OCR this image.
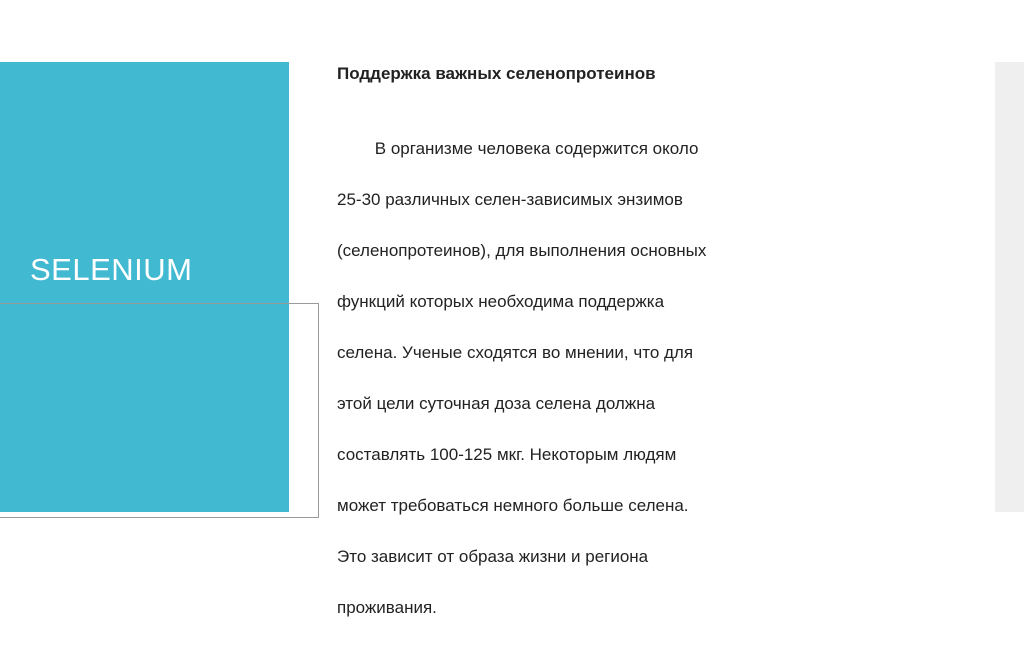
SELENIUM

Поддержка важных селенопротеинов

В организме человека содержится около

25-30 различных селен-зависимых энзимов

(селенопротеинов), для выполнения основных

функций которых необходима поддержка

селена. Ученые сходятся во мнении, что для

этой цели суточная доза селена должна

составлять 100-125 мкг. Некоторым людям

может требоваться немного больше селена.

Это зависит от образа жизни и региона

проживания.
